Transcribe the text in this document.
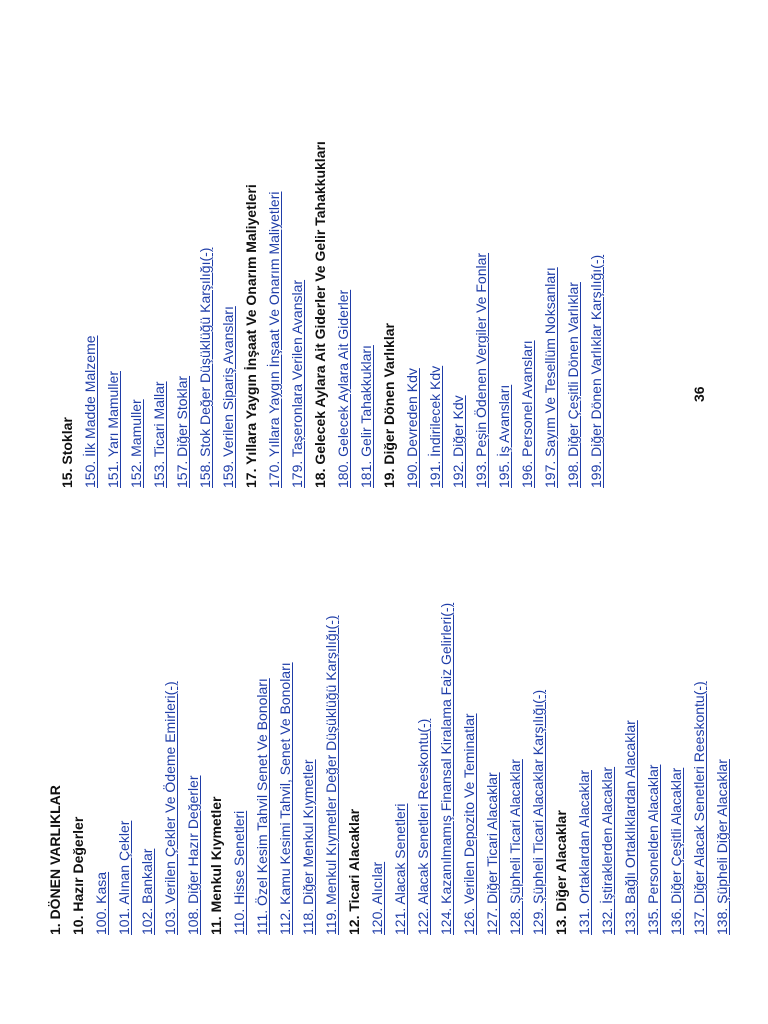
1. DÖNEN VARLIKLAR 10. Hazır Değerler 100. Kasa 101. Alınan Çekler 102. Bankalar 103. Verilen Çekler Ve Ödeme Emirleri(-) 108. Diğer Hazır Değerler 11. Menkul Kıymetler 110. Hisse Senetleri 111. Özel Kesim Tahvil Senet Ve Bonoları 112. Kamu Kesimi Tahvil, Senet Ve Bonoları 118. Diğer Menkul Kıymetler 119. Menkul Kıymetler Değer Düşüklüğü Karşılığı(-) 12. Ticari Alacaklar 120. Alıcılar 121. Alacak Senetleri 122. Alacak Senetleri Reeskontu(-) 124. Kazanılmamış Finansal Kiralama Faiz Gelirleri(-) 126. Verilen Depozito Ve Teminatlar 127. Diğer Ticari Alacaklar 128. Şüpheli Ticari Alacaklar 129. Şüpheli Ticari Alacaklar Karşılığı(-) 13. Diğer Alacaklar 131. Ortaklardan Alacaklar 132. İştiraklerden Alacaklar 133. Bağlı Ortaklıklardan Alacaklar 135. Personelden Alacaklar 136. Diğer Çeşitli Alacaklar 137. Diğer Alacak Senetleri Reeskontu(-) 138. Şüpheli Diğer Alacaklar
15. Stoklar 150. İlk Madde Malzeme 151. Yarı Mamuller 152. Mamuller 153. Ticari Mallar 157. Diğer Stoklar 158. Stok Değer Düşüklüğü Karşılığı(-) 159. Verilen Sipariş Avansları 17. Yıllara Yaygın İnşaat Ve Onarım Maliyetleri 170. Yıllara Yaygın İnşaat Ve Onarım Maliyetleri 179. Taşeronlara Verilen Avanslar 18. Gelecek Aylara Ait Giderler Ve Gelir Tahakkukları 180. Gelecek Aylara Ait Giderler 181. Gelir Tahakkukları 19. Diğer Dönen Varlıklar 190. Devreden Kdv 191. İndirilecek Kdv 192. Diğer Kdv 193. Peşin Ödenen Vergiler Ve Fonlar 195. İş Avansları 196. Personel Avansları 197. Sayım Ve Tesellüm Noksanları 198. Diğer Çeşitli Dönen Varlıklar 199. Diğer Dönen Varlıklar Karşılığı(-)	36
